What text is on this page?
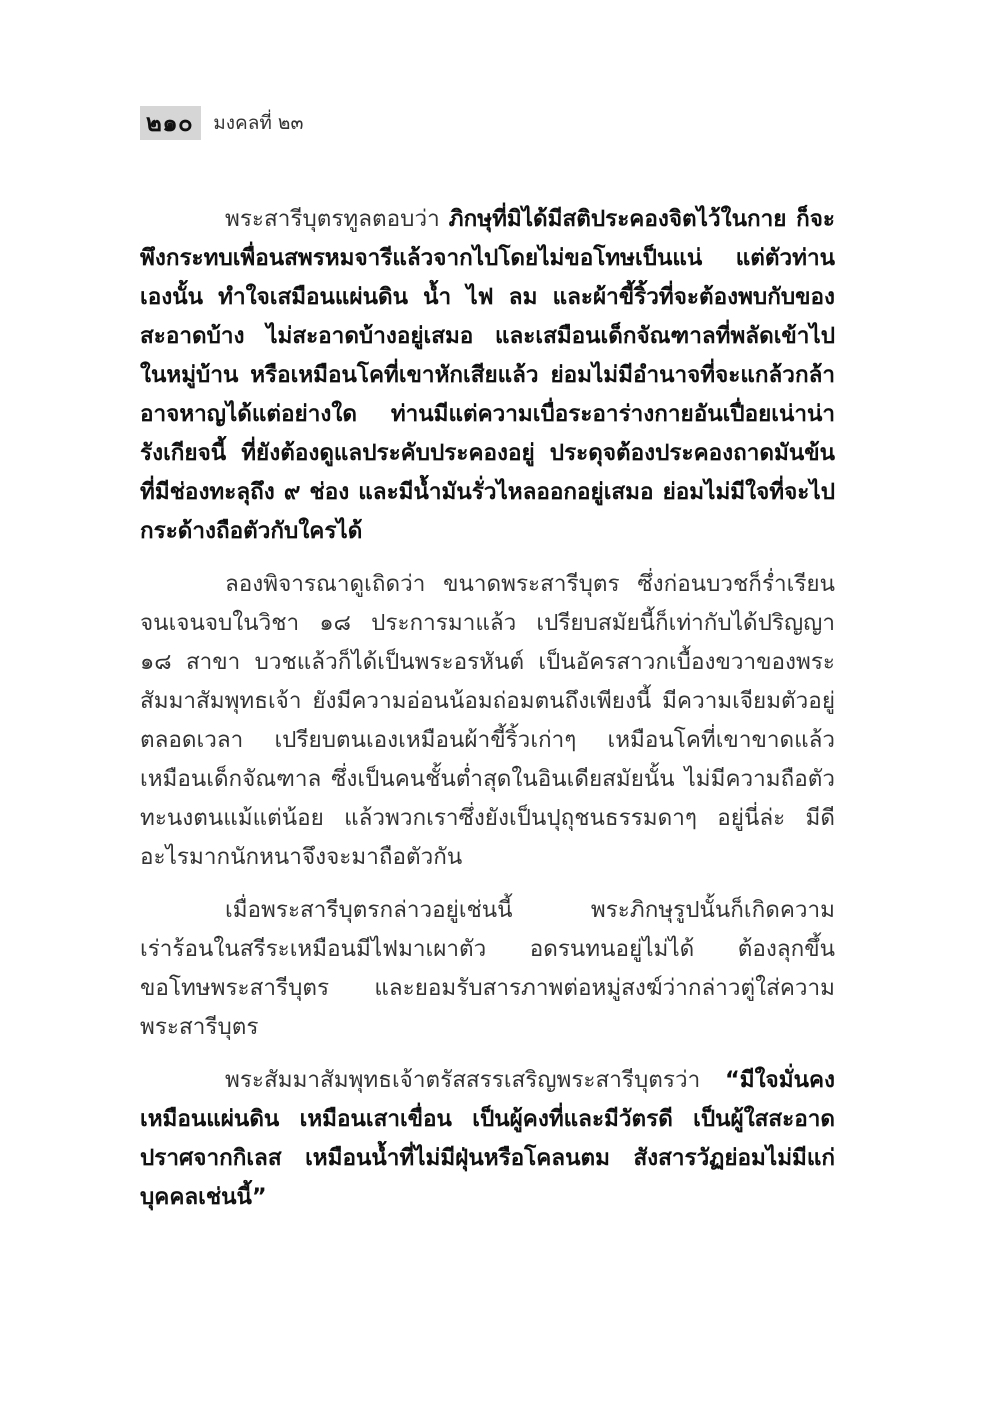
๒๑๐	มงคลที่ ๒๓

พระสารีบุตรทูลตอบว่า ภิกษุที่มิได้มีสติประคองจิตไว้ในกาย ก็จะพึงกระทบเพื่อนสพรหมจารีแล้วจากไปโดยไม่ขอโทษเป็นแน่ แต่ตัวท่านเองนั้น ทำใจเสมือนแผ่นดิน น้ำ ไฟ ลม และผ้าขี้ริ้วที่จะต้องพบกับของสะอาดบ้าง ไม่สะอาดบ้างอยู่เสมอ และเสมือนเด็กจัณฑาลที่พลัดเข้าไปในหมู่บ้าน หรือเหมือนโคที่เขาหักเสียแล้ว ย่อมไม่มีอำนาจที่จะแกล้วกล้าอาจหาญได้แต่อย่างใด ท่านมีแต่ความเบื่อระอาร่างกายอันเปื่อยเน่าน่ารังเกียจนี้ ที่ยังต้องดูแลประคับประคองอยู่ ประดุจต้องประคองถาดมันข้นที่มีช่องทะลุถึง ๙ ช่อง และมีน้ำมันรั่วไหลออกอยู่เสมอ ย่อมไม่มีใจที่จะไปกระด้างถือตัวกับใครได้

ลองพิจารณาดูเถิดว่า ขนาดพระสารีบุตร ซึ่งก่อนบวชก็ร่ำเรียนจนเจนจบในวิชา ๑๘ ประการมาแล้ว เปรียบสมัยนี้ก็เท่ากับได้ปริญญา ๑๘ สาขา บวชแล้วก็ได้เป็นพระอรหันต์ เป็นอัครสาวกเบื้องขวาของพระสัมมาสัมพุทธเจ้า ยังมีความอ่อนน้อมถ่อมตนถึงเพียงนี้ มีความเจียมตัวอยู่ตลอดเวลา เปรียบตนเองเหมือนผ้าขี้ริ้วเก่าๆ เหมือนโคที่เขาขาดแล้ว เหมือนเด็กจัณฑาล ซึ่งเป็นคนชั้นต่ำสุดในอินเดียสมัยนั้น ไม่มีความถือตัวทะนงตนแม้แต่น้อย แล้วพวกเราซึ่งยังเป็นปุถุชนธรรมดาๆ อยู่นี่ล่ะ มีดีอะไรมากนักหนาจึงจะมาถือตัวกัน

เมื่อพระสารีบุตรกล่าวอยู่เช่นนี้ พระภิกษุรูปนั้นก็เกิดความเร่าร้อนในสรีระเหมือนมีไฟมาเผาตัว อดรนทนอยู่ไม่ได้ ต้องลุกขึ้นขอโทษพระสารีบุตร และยอมรับสารภาพต่อหมู่สงฆ์ว่ากล่าวตู่ใส่ความพระสารีบุตร

พระสัมมาสัมพุทธเจ้าตรัสสรรเสริญพระสารีบุตรว่า “มีใจมั่นคงเหมือนแผ่นดิน เหมือนเสาเขื่อน เป็นผู้คงที่และมีวัตรดี เป็นผู้ใสสะอาดปราศจากกิเลส เหมือนน้ำที่ไม่มีฝุ่นหรือโคลนตม สังสารวัฏย่อมไม่มีแก่บุคคลเช่นนี้”
